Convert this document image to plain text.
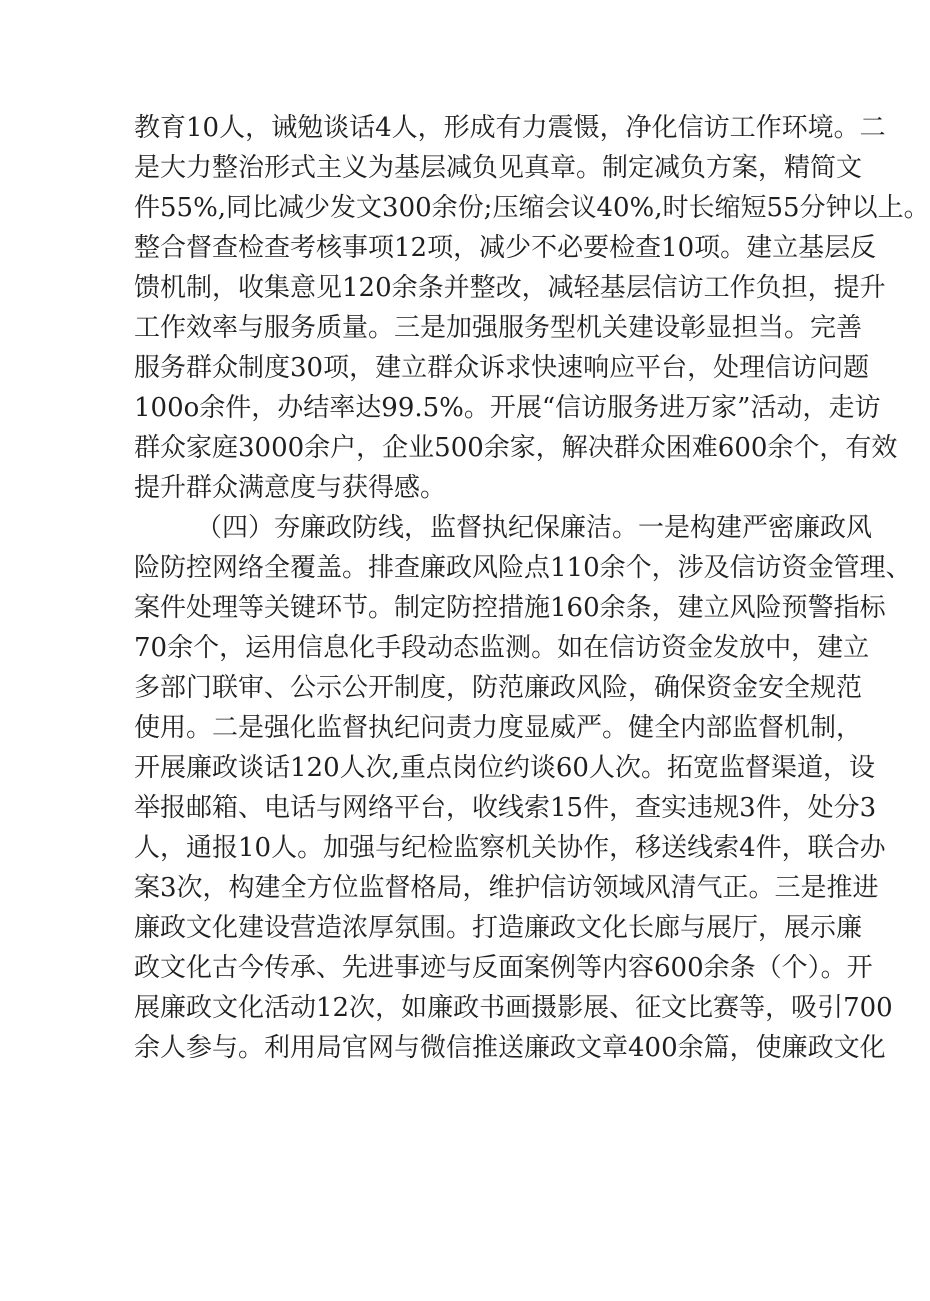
教育10人，诫勉谈话4人，形成有力震慑，净化信访工作环境。二
是大力整治形式主义为基层减负见真章。制定减负方案，精简文
件55%,同比减少发文300余份;压缩会议40%,时长缩短55分钟以上。
整合督查检查考核事项12项，减少不必要检查10项。建立基层反
馈机制，收集意见120余条并整改，减轻基层信访工作负担，提升
工作效率与服务质量。三是加强服务型机关建设彰显担当。完善
服务群众制度30项，建立群众诉求快速响应平台，处理信访问题
100o余件，办结率达99.5%。开展“信访服务进万家”活动，走访
群众家庭3000余户，企业500余家，解决群众困难600余个，有效
提升群众满意度与获得感。
（四）夯廉政防线，监督执纪保廉洁。一是构建严密廉政风
险防控网络全覆盖。排查廉政风险点110余个，涉及信访资金管理、
案件处理等关键环节。制定防控措施160余条，建立风险预警指标
70余个，运用信息化手段动态监测。如在信访资金发放中，建立
多部门联审、公示公开制度，防范廉政风险，确保资金安全规范
使用。二是强化监督执纪问责力度显威严。健全内部监督机制，
开展廉政谈话120人次,重点岗位约谈60人次。拓宽监督渠道，设
举报邮箱、电话与网络平台，收线索15件，查实违规3件，处分3
人，通报10人。加强与纪检监察机关协作，移送线索4件，联合办
案3次，构建全方位监督格局，维护信访领域风清气正。三是推进
廉政文化建设营造浓厚氛围。打造廉政文化长廊与展厅，展示廉
政文化古今传承、先进事迹与反面案例等内容600余条（个）。开
展廉政文化活动12次，如廉政书画摄影展、征文比赛等，吸引700
余人参与。利用局官网与微信推送廉政文章400余篇，使廉政文化
